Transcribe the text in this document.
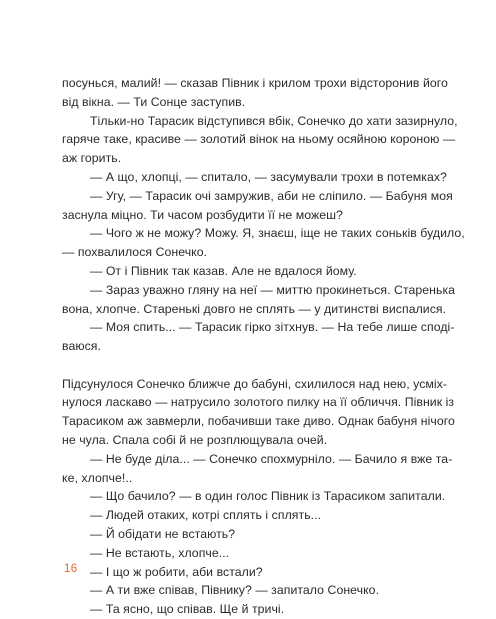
посунься, малий! — сказав Півник і крилом трохи відсторонив його
від вікна. — Ти Сонце заступив.
Тільки-но Тарасик відступився вбік, Сонечко до хати зазирнуло,
гаряче таке, красиве — золотий вінок на ньому осяйною короною —
аж горить.
— А що, хлопці, — спитало, — засумували трохи в потемках?
— Угу, — Тарасик очі замружив, аби не сліпило. — Бабуня моя
заснула міцно. Ти часом розбудити її не можеш?
— Чого ж не можу? Можу. Я, знаєш, іще не таких соньків будило,
— похвалилося Сонечко.
— От і Півник так казав. Але не вдалося йому.
— Зараз уважно гляну на неї — миттю прокинеться. Старенька
вона, хлопче. Старенькі довго не сплять — у дитинстві виспалися.
— Моя спить... — Тарасик гірко зітхнув. — На тебе лише споді-
ваюся.
Підсунулося Сонечко ближче до бабуні, схилилося над нею, усміх-
нулося ласкаво — натрусило золотого пилку на її обличчя. Півник із
Тарасиком аж завмерли, побачивши таке диво. Однак бабуня нічого
не чула. Спала собі й не розплющувала очей.
— Не буде діла... — Сонечко спохмурніло. — Бачило я вже та-
ке, хлопче!..
— Що бачило? — в один голос Півник із Тарасиком запитали.
— Людей отаких, котрі сплять і сплять...
— Й обідати не встають?
— Не встають, хлопче...
— І що ж робити, аби встали?
— А ти вже співав, Півнику? — запитало Сонечко.
— Та ясно, що співав. Ще й тричі.
16
